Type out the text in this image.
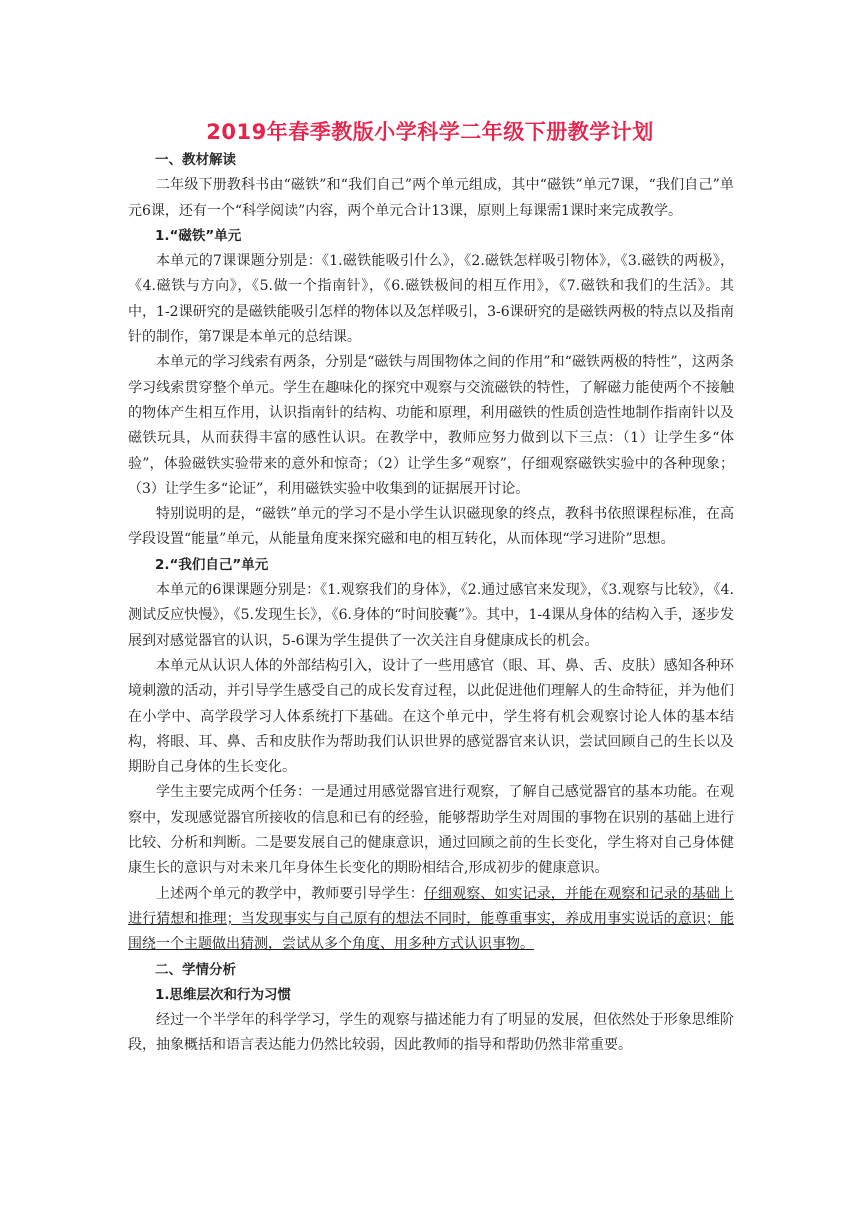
2019年春季教版小学科学二年级下册教学计划

一、教材解读

二年级下册教科书由“磁铁”和“我们自己”两个单元组成，其中“磁铁”单元7课，“我们自己”单元6课，还有一个“科学阅读”内容，两个单元合计13课，原则上每课需1课时来完成教学。

1.“磁铁”单元

本单元的7课课题分别是：《1.磁铁能吸引什么》，《2.磁铁怎样吸引物体》，《3.磁铁的两极》，《4.磁铁与方向》，《5.做一个指南针》，《6.磁铁极间的相互作用》，《7.磁铁和我们的生活》。其中，1-2课研究的是磁铁能吸引怎样的物体以及怎样吸引，3-6课研究的是磁铁两极的特点以及指南针的制作，第7课是本单元的总结课。

本单元的学习线索有两条，分别是“磁铁与周围物体之间的作用”和“磁铁两极的特性”，这两条学习线索贯穿整个单元。学生在趣味化的探究中观察与交流磁铁的特性，了解磁力能使两个不接触的物体产生相互作用，认识指南针的结构、功能和原理，利用磁铁的性质创造性地制作指南针以及磁铁玩具，从而获得丰富的感性认识。在教学中，教师应努力做到以下三点：（1）让学生多“体验”，体验磁铁实验带来的意外和惊奇；（2）让学生多“观察”，仔细观察磁铁实验中的各种现象；（3）让学生多“论证”，利用磁铁实验中收集到的证据展开讨论。

特别说明的是，“磁铁”单元的学习不是小学生认识磁现象的终点，教科书依照课程标准，在高学段设置“能量”单元，从能量角度来探究磁和电的相互转化，从而体现“学习进阶”思想。

2.“我们自己”单元

本单元的6课课题分别是：《1.观察我们的身体》，《2.通过感官来发现》，《3.观察与比较》，《4.测试反应快慢》，《5.发现生长》，《6.身体的“时间胶囊”》。其中，1-4课从身体的结构入手，逐步发展到对感觉器官的认识，5-6课为学生提供了一次关注自身健康成长的机会。

本单元从认识人体的外部结构引入，设计了一些用感官（眼、耳、鼻、舌、皮肤）感知各种环境刺激的活动，并引导学生感受自己的成长发育过程，以此促进他们理解人的生命特征，并为他们在小学中、高学段学习人体系统打下基础。在这个单元中，学生将有机会观察讨论人体的基本结构，将眼、耳、鼻、舌和皮肤作为帮助我们认识世界的感觉器官来认识，尝试回顾自己的生长以及期盼自己身体的生长变化。

学生主要完成两个任务：一是通过用感觉器官进行观察，了解自己感觉器官的基本功能。在观察中，发现感觉器官所接收的信息和已有的经验，能够帮助学生对周围的事物在识别的基础上进行比较、分析和判断。二是要发展自己的健康意识，通过回顾之前的生长变化，学生将对自己身体健康生长的意识与对未来几年身体生长变化的期盼相结合,形成初步的健康意识。

上述两个单元的教学中，教师要引导学生：仔细观察、如实记录，并能在观察和记录的基础上进行猜想和推理；当发现事实与自己原有的想法不同时，能尊重事实，养成用事实说话的意识；能围绕一个主题做出猜测，尝试从多个角度、用多种方式认识事物。

二、学情分析

1.思维层次和行为习惯

经过一个半学年的科学学习，学生的观察与描述能力有了明显的发展，但依然处于形象思维阶段，抽象概括和语言表达能力仍然比较弱，因此教师的指导和帮助仍然非常重要。
